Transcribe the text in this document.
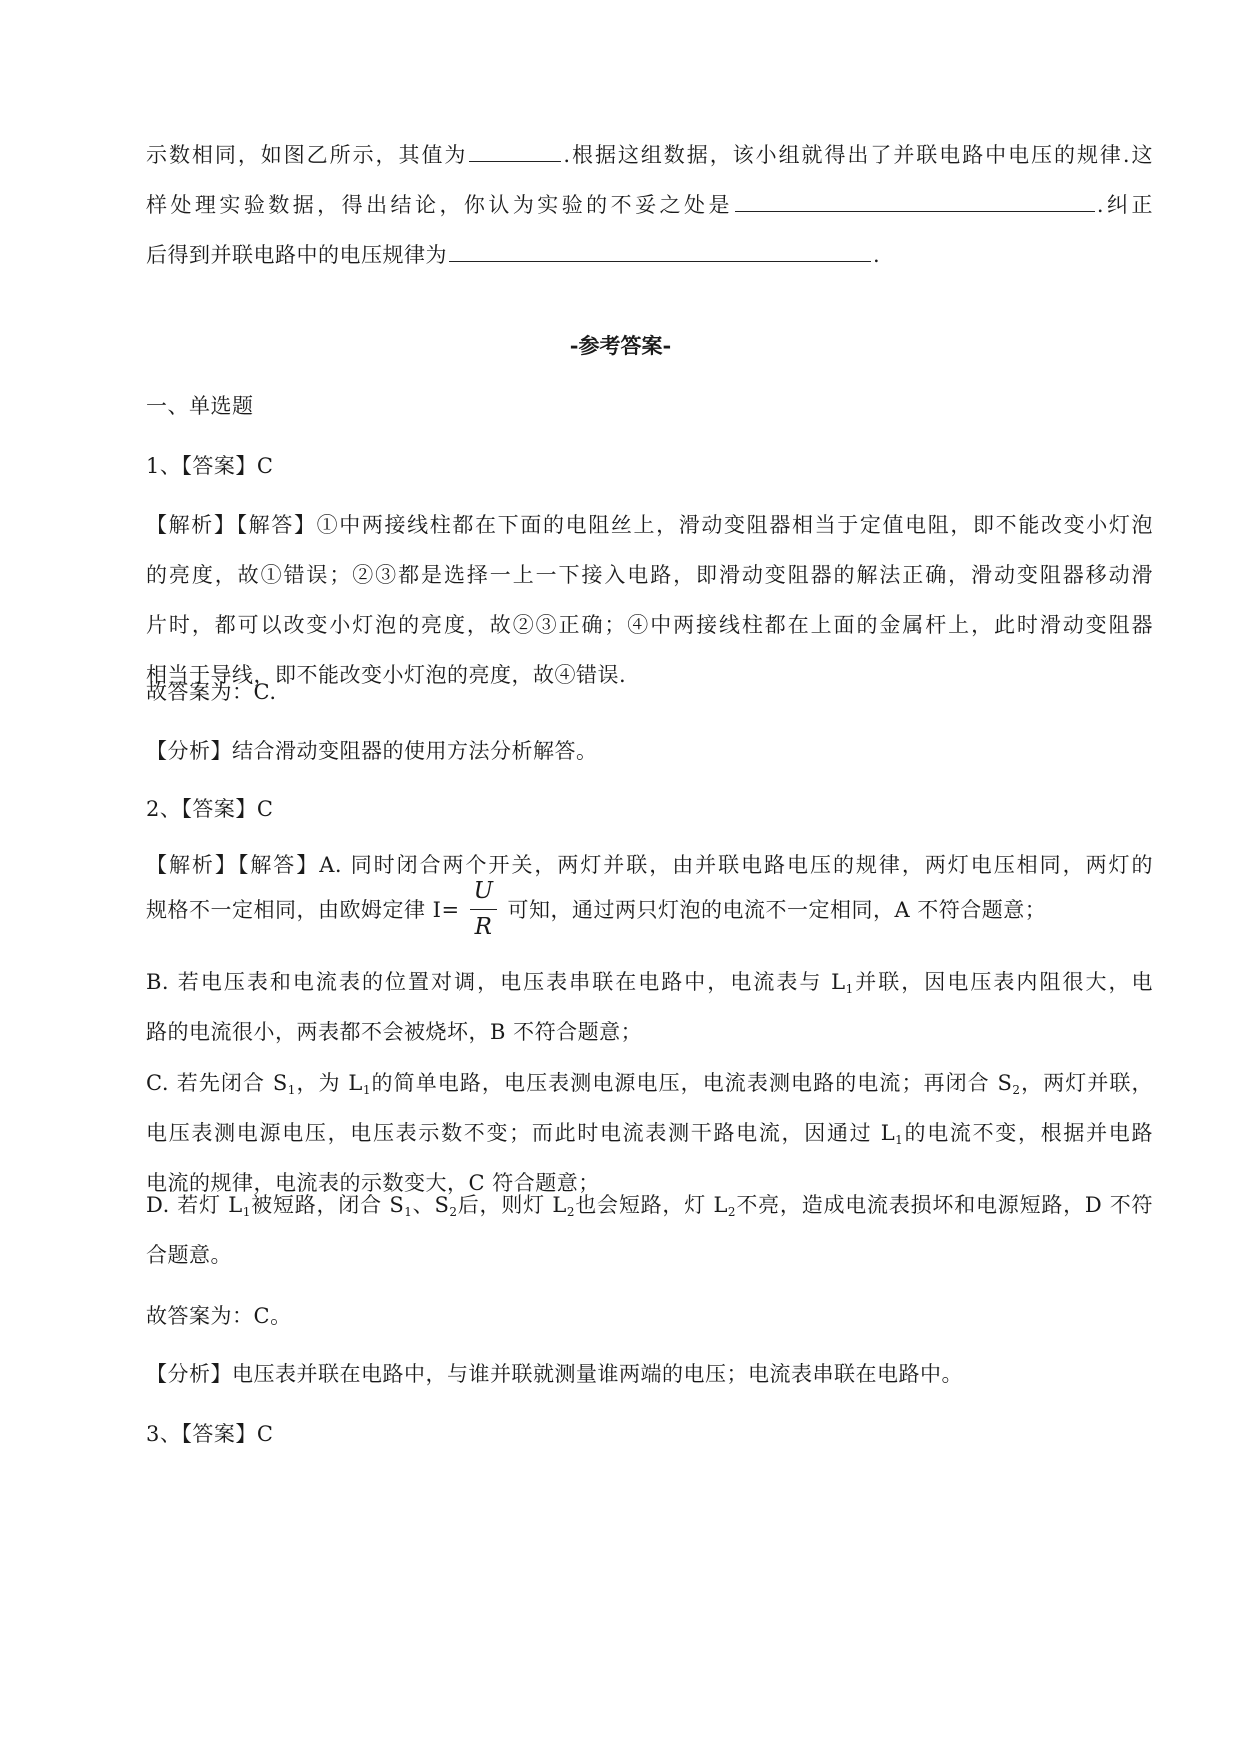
示数相同，如图乙所示，其值为	.根据这组数据，该小组就得出了并联电路中电压的规律.这
样处理实验数据，得出结论，你认为实验的不妥之处是	.纠正
后得到并联电路中的电压规律为	.
-参考答案-
一、单选题
1、【答案】C
【解析】【解答】①中两接线柱都在下面的电阻丝上，滑动变阻器相当于定值电阻，即不能改变小灯泡
的亮度，故①错误；②③都是选择一上一下接入电路，即滑动变阻器的解法正确，滑动变阻器移动滑
片时，都可以改变小灯泡的亮度，故②③正确；④中两接线柱都在上面的金属杆上，此时滑动变阻器
相当于导线，即不能改变小灯泡的亮度，故④错误.
故答案为：C.
【分析】结合滑动变阻器的使用方法分析解答。
2、【答案】C
【解析】【解答】A. 同时闭合两个开关，两灯并联，由并联电路电压的规律，两灯电压相同，两灯的
规格不一定相同，由欧姆定律 $I= \frac{U}{R}$ 可知，通过两只灯泡的电流不一定相同，A 不符合题意；
B. 若电压表和电流表的位置对调，电压表串联在电路中，电流表与 $L_1$并联，因电压表内阻很大，电
路的电流很小，两表都不会被烧坏，B 不符合题意；
C. 若先闭合 $S_1$，为 $L_1$的简单电路，电压表测电源电压，电流表测电路的电流；再闭合 $S_2$，两灯并联，
电压表测电源电压，电压表示数不变；而此时电流表测干路电流，因通过 $L_1$的电流不变，根据并电路
电流的规律，电流表的示数变大，C 符合题意；
D. 若灯 $L_1$被短路，闭合 $S_1$、$S_2$后，则灯 $L_2$也会短路，灯 $L_2$不亮，造成电流表损坏和电源短路，D 不符
合题意。
故答案为：C。
【分析】电压表并联在电路中，与谁并联就测量谁两端的电压；电流表串联在电路中。
3、【答案】C
